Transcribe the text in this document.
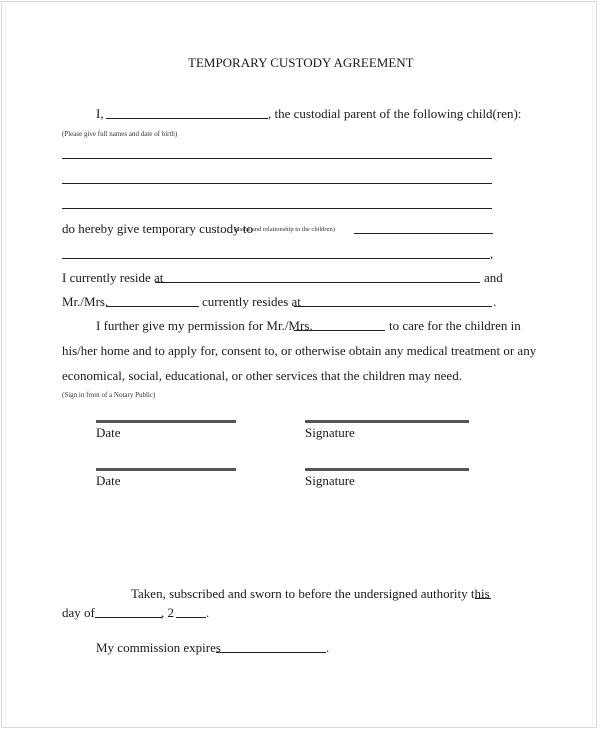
TEMPORARY CUSTODY AGREEMENT
I,	, the custodial parent of the following child(ren):
(Please give full names and date of birth)
do hereby give temporary custody to
(name and relationship to the children)
,
I currently reside at	and
Mr./Mrs.	currently resides at	.
I further give my permission for Mr./Mrs.	to care for the children in
his/her home and to apply for, consent to, or otherwise obtain any medical treatment or any
economical, social, educational, or other services that the children may need.
(Sign in front of a Notary Public)
Date	Signature
Date	Signature
Taken, subscribed and sworn to before the undersigned authority this
day of	, 2 .
My commission expires	.
